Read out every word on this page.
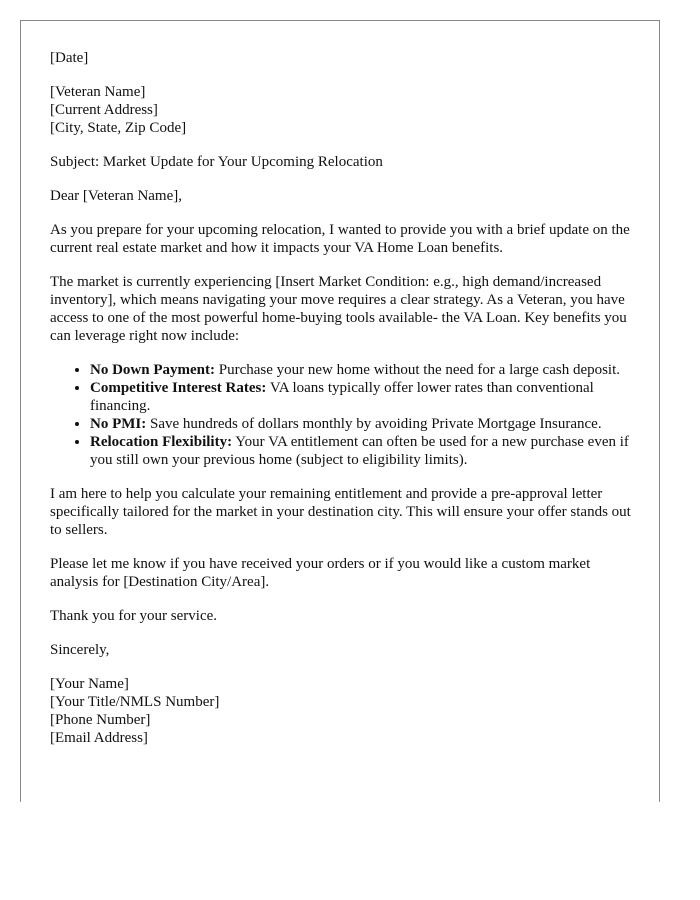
[Date]

[Veteran Name]
[Current Address]
[City, State, Zip Code]

Subject: Market Update for Your Upcoming Relocation

Dear [Veteran Name],

As you prepare for your upcoming relocation, I wanted to provide you with a brief update on the current real estate market and how it impacts your VA Home Loan benefits.

The market is currently experiencing [Insert Market Condition: e.g., high demand/increased inventory], which means navigating your move requires a clear strategy. As a Veteran, you have access to one of the most powerful home-buying tools available- the VA Loan. Key benefits you can leverage right now include:

• No Down Payment: Purchase your new home without the need for a large cash deposit.
• Competitive Interest Rates: VA loans typically offer lower rates than conventional financing.
• No PMI: Save hundreds of dollars monthly by avoiding Private Mortgage Insurance.
• Relocation Flexibility: Your VA entitlement can often be used for a new purchase even if you still own your previous home (subject to eligibility limits).

I am here to help you calculate your remaining entitlement and provide a pre-approval letter specifically tailored for the market in your destination city. This will ensure your offer stands out to sellers.

Please let me know if you have received your orders or if you would like a custom market analysis for [Destination City/Area].

Thank you for your service.

Sincerely,

[Your Name]
[Your Title/NMLS Number]
[Phone Number]
[Email Address]
